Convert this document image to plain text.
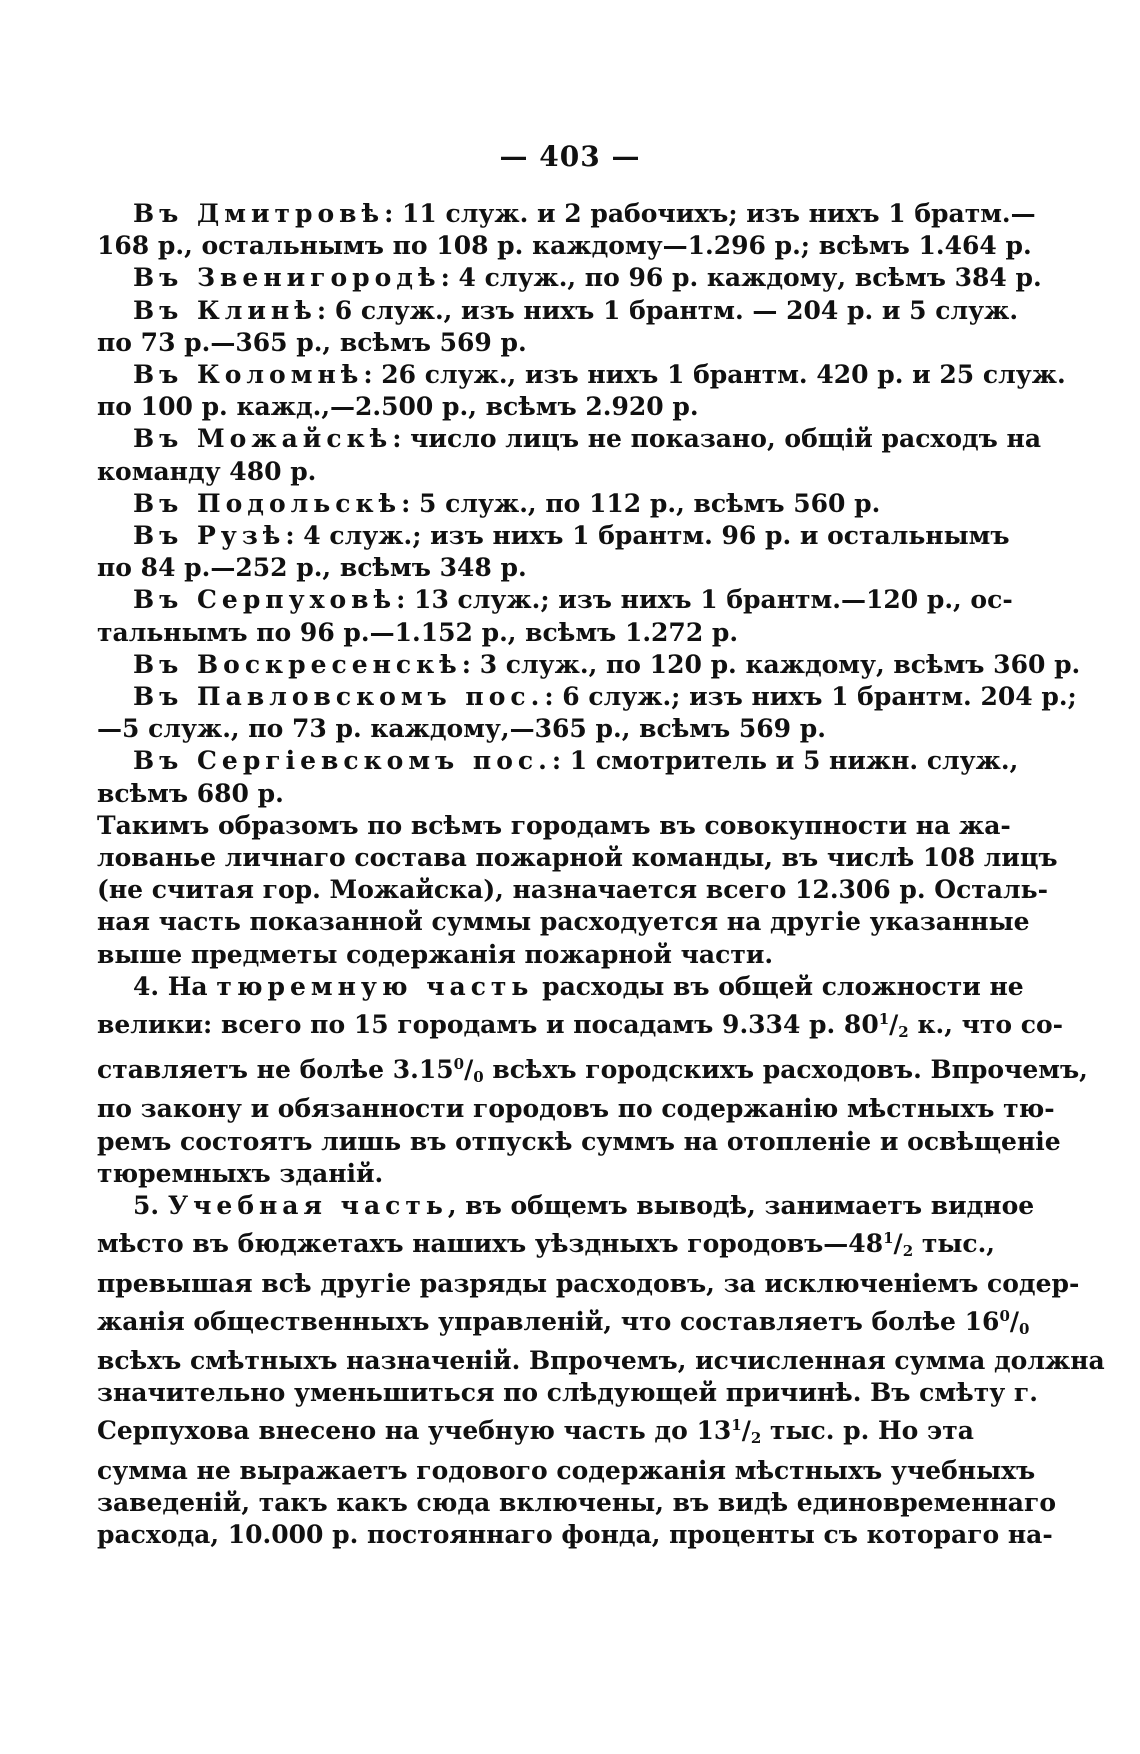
— 403 —
Въ Дмитровѣ: 11 служ. и 2 рабочихъ; изъ нихъ 1 братм.—
168 р., остальнымъ по 108 р. каждому—1.296 р.; всѣмъ 1.464 р.
Въ Звенигородѣ: 4 служ., по 96 р. каждому, всѣмъ 384 р.
Въ Клинѣ: 6 служ., изъ нихъ 1 брантм. — 204 р. и 5 служ.
по 73 р.—365 р., всѣмъ 569 р.
Въ Коломнѣ: 26 служ., изъ нихъ 1 брантм. 420 р. и 25 служ.
по 100 р. кажд.,—2.500 р., всѣмъ 2.920 р.
Въ Можайскѣ: число лицъ не показано, общій расходъ на
команду 480 р.
Въ Подольскѣ: 5 служ., по 112 р., всѣмъ 560 р.
Въ Рузѣ: 4 служ.; изъ нихъ 1 брантм. 96 р. и остальнымъ
по 84 р.—252 р., всѣмъ 348 р.
Въ Серпуховѣ: 13 служ.; изъ нихъ 1 брантм.—120 р., ос-
тальнымъ по 96 р.—1.152 р., всѣмъ 1.272 р.
Въ Воскресенскѣ: 3 служ., по 120 р. каждому, всѣмъ 360 р.
Въ Павловскомъ пос.: 6 служ.; изъ нихъ 1 брантм. 204 р.;
—5 служ., по 73 р. каждому,—365 р., всѣмъ 569 р.
Въ Сергіевскомъ пос.: 1 смотритель и 5 нижн. служ.,
всѣмъ 680 р.
Такимъ образомъ по всѣмъ городамъ въ совокупности на жа-
лованье личнаго состава пожарной команды, въ числѣ 108 лицъ
(не считая гор. Можайска), назначается всего 12.306 р. Осталь-
ная часть показанной суммы расходуется на другіе указанные
выше предметы содержанія пожарной части.
4. На тюремную часть расходы въ общей сложности не
велики: всего по 15 городамъ и посадамъ 9.334 р. $80^1/_2$ к., что со-
ставляетъ не болѣе $3.15^0/_0$ всѣхъ городскихъ расходовъ. Впрочемъ,
по закону и обязанности городовъ по содержанію мѣстныхъ тю-
ремъ состоятъ лишь въ отпускѣ суммъ на отопленіе и освѣщеніе
тюремныхъ зданій.
5. Учебная часть, въ общемъ выводѣ, занимаетъ видное
мѣсто въ бюджетахъ нашихъ уѣздныхъ $городовъ—48^1/_2$ тыс.,
превышая всѣ другіе разряды расходовъ, за исключеніемъ содер-
жанія общественныхъ управленій, что составляетъ болѣе $16^0/_0$
всѣхъ смѣтныхъ назначеній. Впрочемъ, исчисленная сумма должна
значительно уменьшиться по слѣдующей причинѣ. Въ смѣту г.
Серпухова внесено на учебную часть до $13^1/_2$ тыс. р. Но эта
сумма не выражаетъ годового содержанія мѣстныхъ учебныхъ
заведеній, такъ какъ сюда включены, въ видѣ единовременнаго
расхода, 10.000 р. постояннаго фонда, проценты съ котораго на-
